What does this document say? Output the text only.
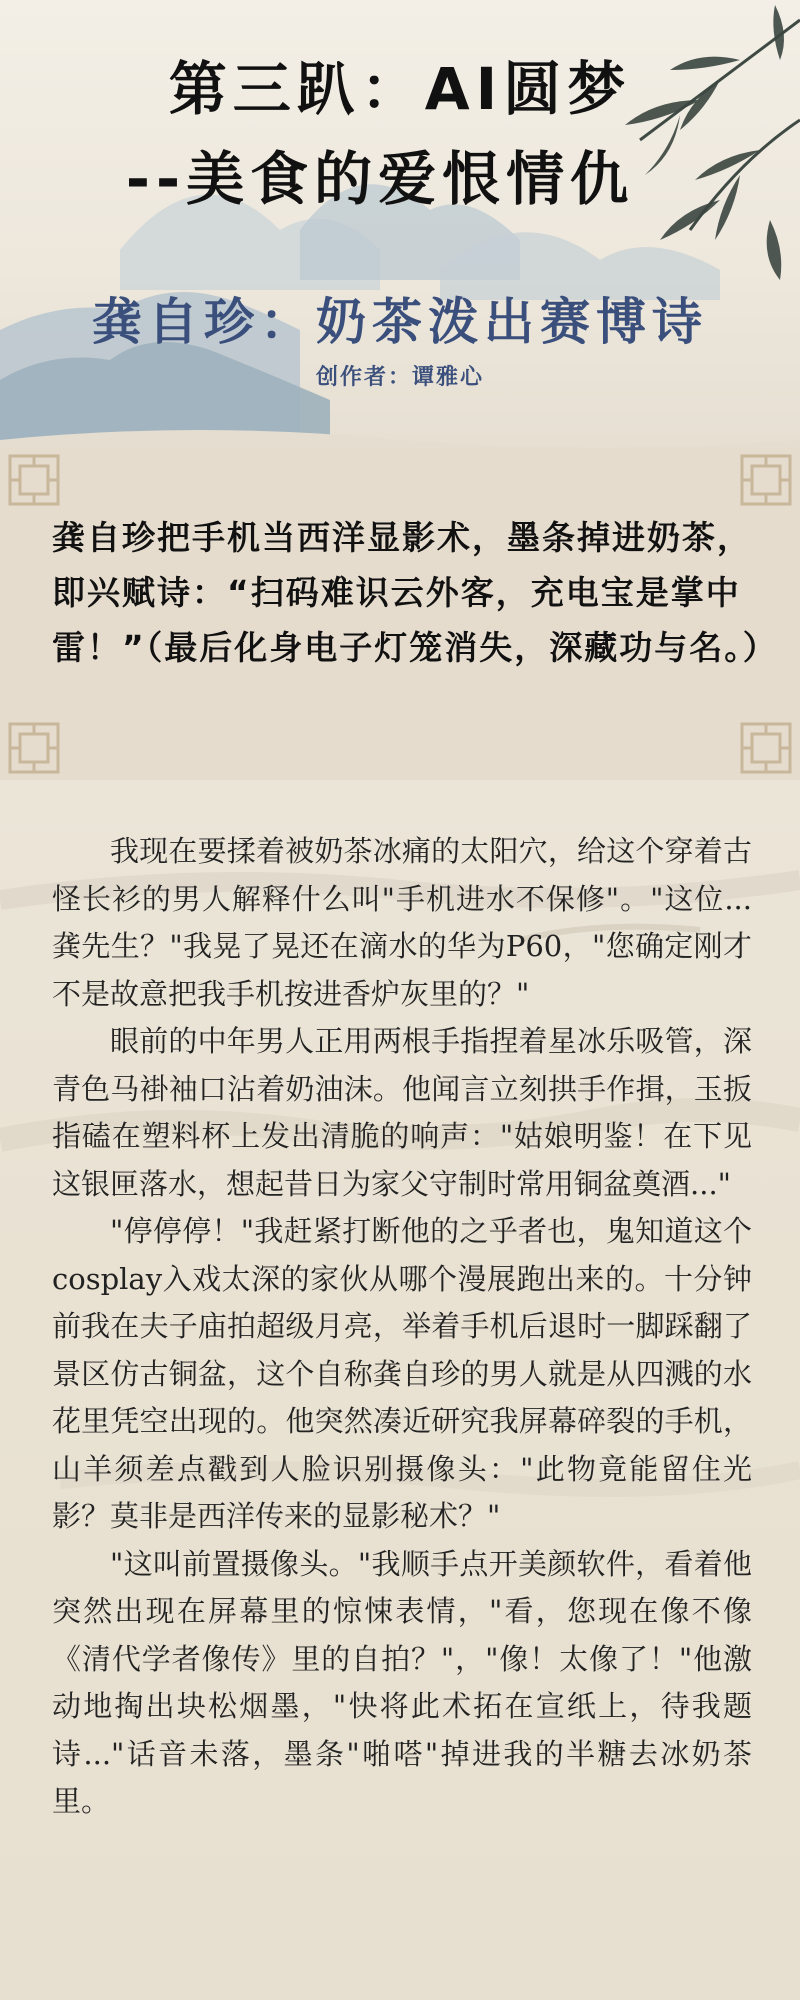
第三趴：AI圆梦
--美食的爱恨情仇
龚自珍：奶茶泼出赛博诗
创作者：谭雅心
龚自珍把手机当西洋显影术，墨条掉进奶茶，即兴赋诗：“扫码难识云外客，充电宝是掌中雷！”（最后化身电子灯笼消失，深藏功与名。）

我现在要揉着被奶茶冰痛的太阳穴，给这个穿着古怪长衫的男人解释什么叫"手机进水不保修"。"这位...龚先生？"我晃了晃还在滴水的华为P60，"您确定刚才不是故意把我手机按进香炉灰里的？"

眼前的中年男人正用两根手指捏着星冰乐吸管，深青色马褂袖口沾着奶油沫。他闻言立刻拱手作揖，玉扳指磕在塑料杯上发出清脆的响声："姑娘明鉴！在下见这银匣落水，想起昔日为家父守制时常用铜盆奠酒..."

"停停停！"我赶紧打断他的之乎者也，鬼知道这个cosplay入戏太深的家伙从哪个漫展跑出来的。十分钟前我在夫子庙拍超级月亮，举着手机后退时一脚踩翻了景区仿古铜盆，这个自称龚自珍的男人就是从四溅的水花里凭空出现的。他突然凑近研究我屏幕碎裂的手机，山羊须差点戳到人脸识别摄像头："此物竟能留住光影？莫非是西洋传来的显影秘术？"

"这叫前置摄像头。"我顺手点开美颜软件，看着他突然出现在屏幕里的惊悚表情，"看，您现在像不像《清代学者像传》里的自拍？"，"像！太像了！"他激动地掏出块松烟墨，"快将此术拓在宣纸上，待我题诗..."话音未落，墨条"啪嗒"掉进我的半糖去冰奶茶里。
